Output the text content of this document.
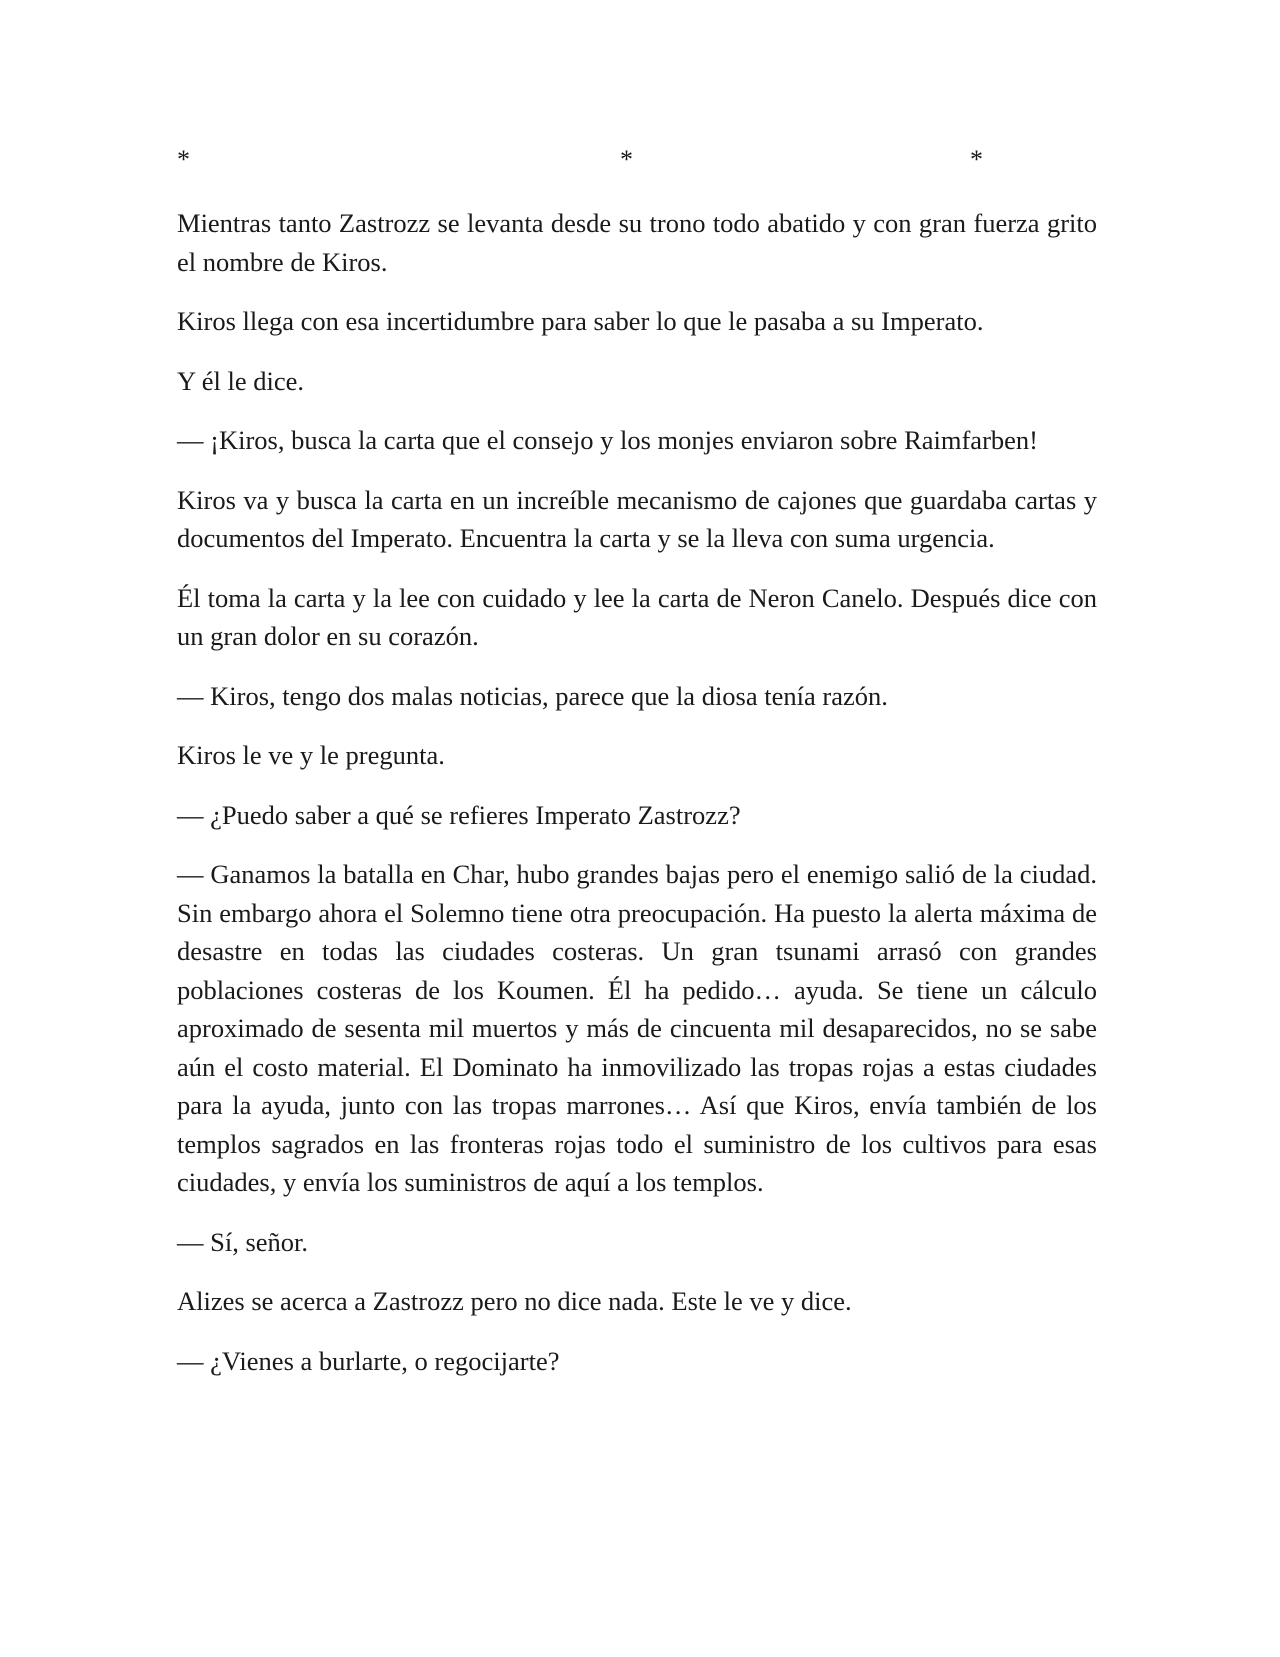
*	*	*

Mientras tanto Zastrozz se levanta desde su trono todo abatido y con gran fuerza grito el nombre de Kiros.

Kiros llega con esa incertidumbre para saber lo que le pasaba a su Imperato.

Y él le dice.

— ¡Kiros, busca la carta que el consejo y los monjes enviaron sobre Raimfarben!

Kiros va y busca la carta en un increíble mecanismo de cajones que guardaba cartas y documentos del Imperato. Encuentra la carta y se la lleva con suma urgencia.

Él toma la carta y la lee con cuidado y lee la carta de Neron Canelo. Después dice con un gran dolor en su corazón.

— Kiros, tengo dos malas noticias, parece que la diosa tenía razón.

Kiros le ve y le pregunta.

— ¿Puedo saber a qué se refieres Imperato Zastrozz?

— Ganamos la batalla en Char, hubo grandes bajas pero el enemigo salió de la ciudad. Sin embargo ahora el Solemno tiene otra preocupación. Ha puesto la alerta máxima de desastre en todas las ciudades costeras. Un gran tsunami arrasó con grandes poblaciones costeras de los Koumen. Él ha pedido… ayuda. Se tiene un cálculo aproximado de sesenta mil muertos y más de cincuenta mil desaparecidos, no se sabe aún el costo material. El Dominato ha inmovilizado las tropas rojas a estas ciudades para la ayuda, junto con las tropas marrones… Así que Kiros, envía también de los templos sagrados en las fronteras rojas todo el suministro de los cultivos para esas ciudades, y envía los suministros de aquí a los templos.

— Sí, señor.

Alizes se acerca a Zastrozz pero no dice nada. Este le ve y dice.

— ¿Vienes a burlarte, o regocijarte?
